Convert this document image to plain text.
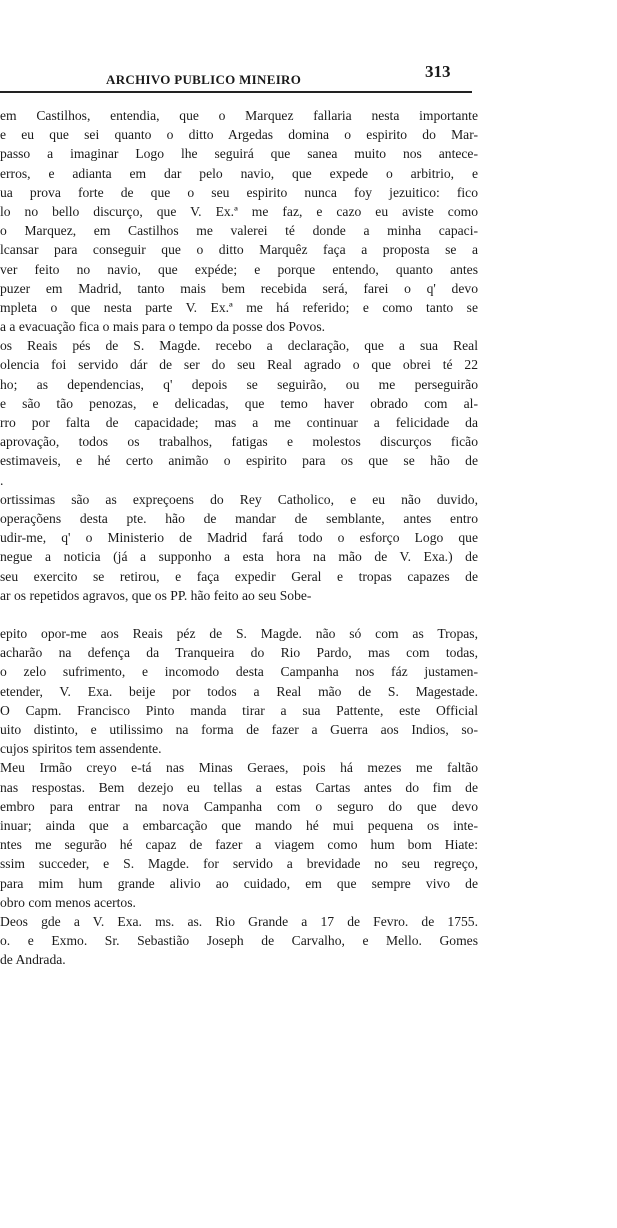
ARCHIVO PUBLICO MINEIRO	313
em Castilhos, entendia, que o Marquez fallaria nesta importante
e eu que sei quanto o ditto Argedas domina o espirito do Mar-
passo a imaginar Logo lhe seguirá que sanea muito nos antece-
erros, e adianta em dar pelo navio, que expede o arbitrio, e
ua prova forte de que o seu espirito nunca foy jezuitico: fico
lo no bello discurço, que V. Ex.ª me faz, e cazo eu aviste como
o Marquez, em Castilhos me valerei té donde a minha capaci-
lcansar para conseguir que o ditto Marquêz faça a proposta se a
ver feito no navio, que expéde; e porque entendo, quanto antes
puzer em Madrid, tanto mais bem recebida será, farei o q' devo
mpleta o que nesta parte V. Ex.ª me há referido; e como tanto se
a a evacuação fica o mais para o tempo da posse dos Povos.
os Reais pés de S. Magde. recebo a declaração, que a sua Real
olencia foi servido dár de ser do seu Real agrado o que obrei té 22
ho; as dependencias, q' depois se seguirão, ou me perseguirão
e são tão penozas, e delicadas, que temo haver obrado com al-
rro por falta de capacidade; mas a me continuar a felicidade da
aprovação, todos os trabalhos, fatigas e molestos discurços ficão
estimaveis, e hé certo animão o espirito para os que se hão de
.
ortissimas são as expreçoens do Rey Catholico, e eu não duvido,
operaçõens desta pte. hão de mandar de semblante, antes entro
udir-me, q' o Ministerio de Madrid fará todo o esforço Logo que
negue a noticia (já a supponho a esta hora na mão de V. Exa.) de
seu exercito se retirou, e faça expedir Geral e tropas capazes de
ar os repetidos agravos, que os PP. hão feito ao seu Sobe-
epito opor-me aos Reais péz de S. Magde. não só com as Tropas,
acharão na defença da Tranqueira do Rio Pardo, mas com todas,
o zelo sufrimento, e incomodo desta Campanha nos fáz justamen-
etender, V. Exa. beije por todos a Real mão de S. Magestade.
O Capm. Francisco Pinto manda tirar a sua Pattente, este Official
uito distinto, e utilissimo na forma de fazer a Guerra aos Indios, so-
cujos spiritos tem assendente.
Meu Irmão creyo e-tá nas Minas Geraes, pois há mezes me faltão
nas respostas. Bem dezejo eu tellas a estas Cartas antes do fim de
embro para entrar na nova Campanha com o seguro do que devo
inuar; ainda que a embarcação que mando hé mui pequena os inte-
ntes me segurão hé capaz de fazer a viagem como hum bom Hiate:
ssim succeder, e S. Magde. for servido a brevidade no seu regreço,
para mim hum grande alivio ao cuidado, em que sempre vivo de
obro com menos acertos.
Deos gde a V. Exa. ms. as. Rio Grande a 17 de Fevro. de 1755.
o. e Exmo. Sr. Sebastião Joseph de Carvalho, e Mello. Gomes
de Andrada.
